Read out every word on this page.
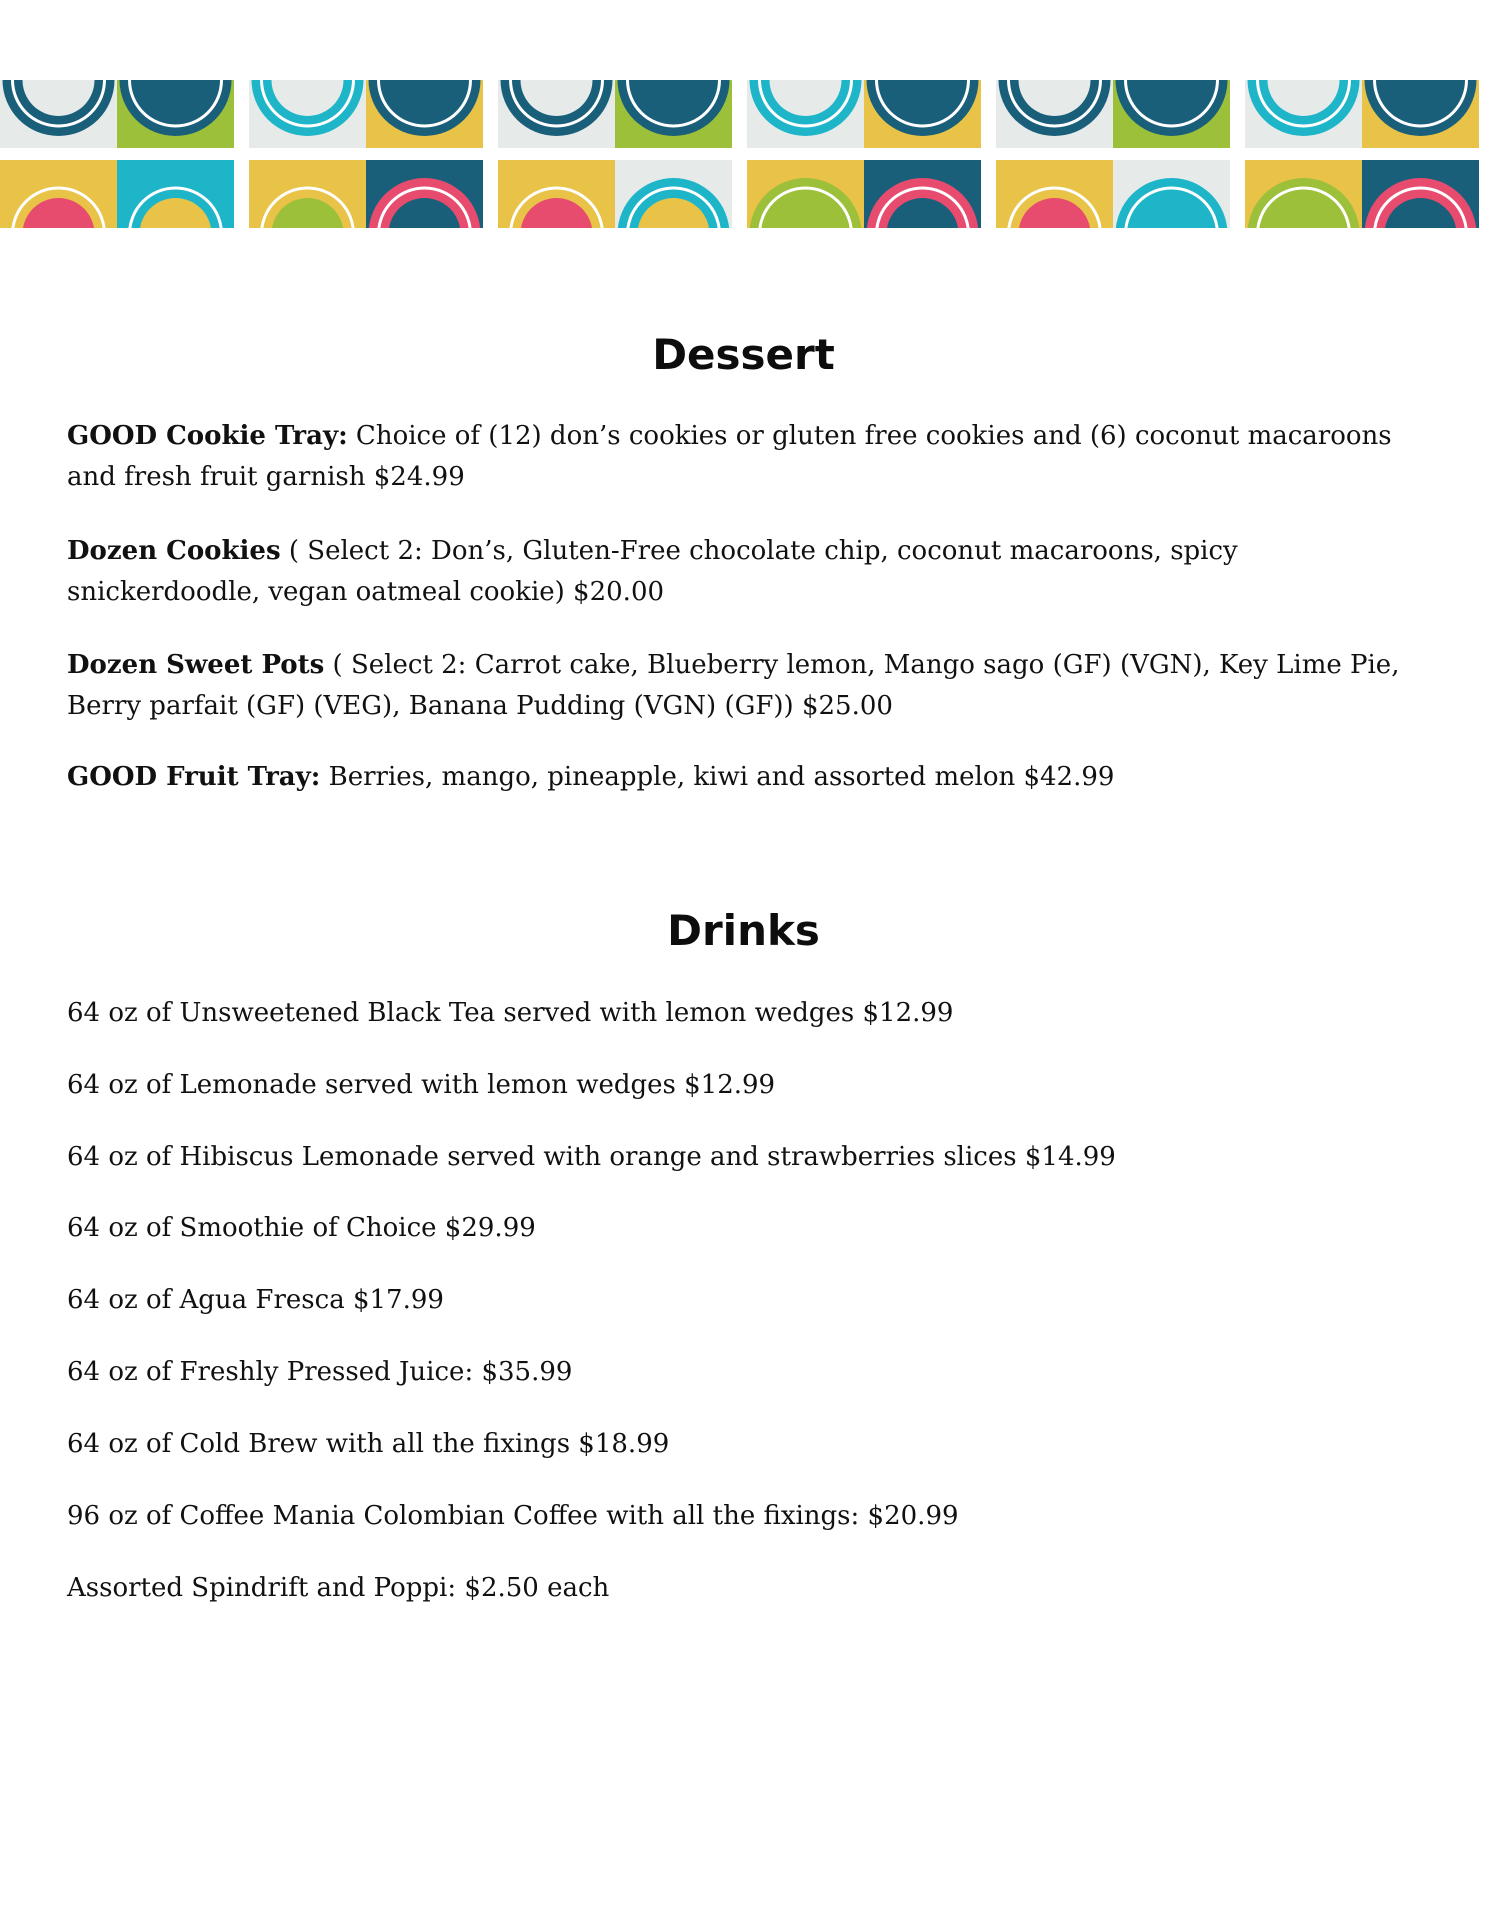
Dessert

GOOD Cookie Tray: Choice of (12) don’s cookies or gluten free cookies and (6) coconut macaroons and fresh fruit garnish $24.99

Dozen Cookies ( Select 2: Don’s, Gluten-Free chocolate chip, coconut macaroons, spicy snickerdoodle, vegan oatmeal cookie) $20.00

Dozen Sweet Pots ( Select 2: Carrot cake, Blueberry lemon, Mango sago (GF) (VGN), Key Lime Pie, Berry parfait (GF) (VEG), Banana Pudding (VGN) (GF)) $25.00

GOOD Fruit Tray: Berries, mango, pineapple, kiwi and assorted melon $42.99

Drinks

64 oz of Unsweetened Black Tea served with lemon wedges $12.99

64 oz of Lemonade served with lemon wedges $12.99

64 oz of Hibiscus Lemonade served with orange and strawberries slices $14.99

64 oz of Smoothie of Choice $29.99

64 oz of Agua Fresca $17.99

64 oz of Freshly Pressed Juice: $35.99

64 oz of Cold Brew with all the fixings $18.99

96 oz of Coffee Mania Colombian Coffee with all the fixings: $20.99

Assorted Spindrift and Poppi: $2.50 each
